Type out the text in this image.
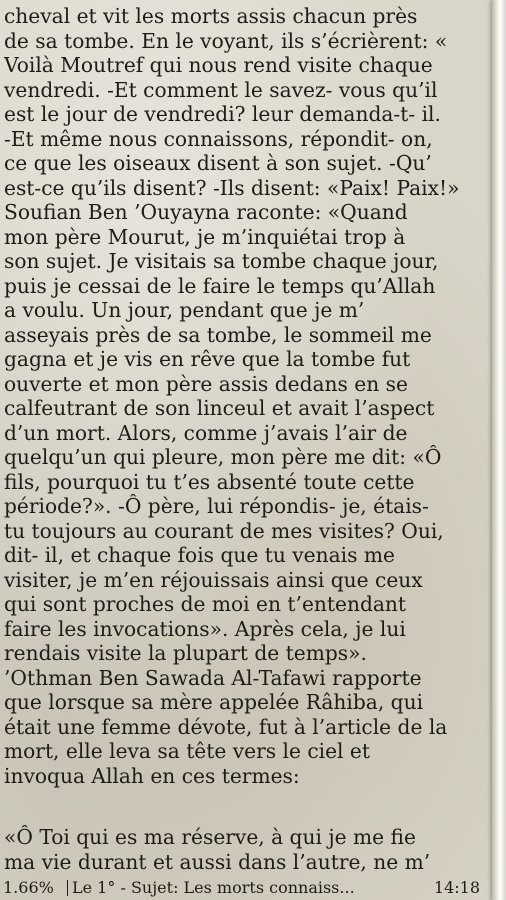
cheval et vit les morts assis chacun près
de sa tombe. En le voyant, ils s’écrièrent: «
Voilà Moutref qui nous rend visite chaque
vendredi. -Et comment le savez- vous qu’il
est le jour de vendredi? leur demanda-t- il.
-Et même nous connaissons, répondit- on,
ce que les oiseaux disent à son sujet. -Qu’
est-ce qu’ils disent? -Ils disent: «Paix! Paix!»
Soufian Ben ’Ouyayna raconte: «Quand
mon père Mourut, je m’inquiétai trop à
son sujet. Je visitais sa tombe chaque jour,
puis je cessai de le faire le temps qu’Allah
a voulu. Un jour, pendant que je m’
asseyais près de sa tombe, le sommeil me
gagna et je vis en rêve que la tombe fut
ouverte et mon père assis dedans en se
calfeutrant de son linceul et avait l’aspect
d’un mort. Alors, comme j’avais l’air de
quelqu’un qui pleure, mon père me dit: «Ô
fils, pourquoi tu t’es absenté toute cette
période?». -Ô père, lui répondis- je, étais-
tu toujours au courant de mes visites? Oui,
dit- il, et chaque fois que tu venais me
visiter, je m’en réjouissais ainsi que ceux
qui sont proches de moi en t’entendant
faire les invocations». Après cela, je lui
rendais visite la plupart de temps».
’Othman Ben Sawada Al-Tafawi rapporte
que lorsque sa mère appelée Râhiba, qui
était une femme dévote, fut à l’article de la
mort, elle leva sa tête vers le ciel et
invoqua Allah en ces termes:
«Ô Toi qui es ma réserve, à qui je me fie
ma vie durant et aussi dans l’autre, ne m’
1.66% Le 1° - Sujet: Les morts connaiss...	14:18
